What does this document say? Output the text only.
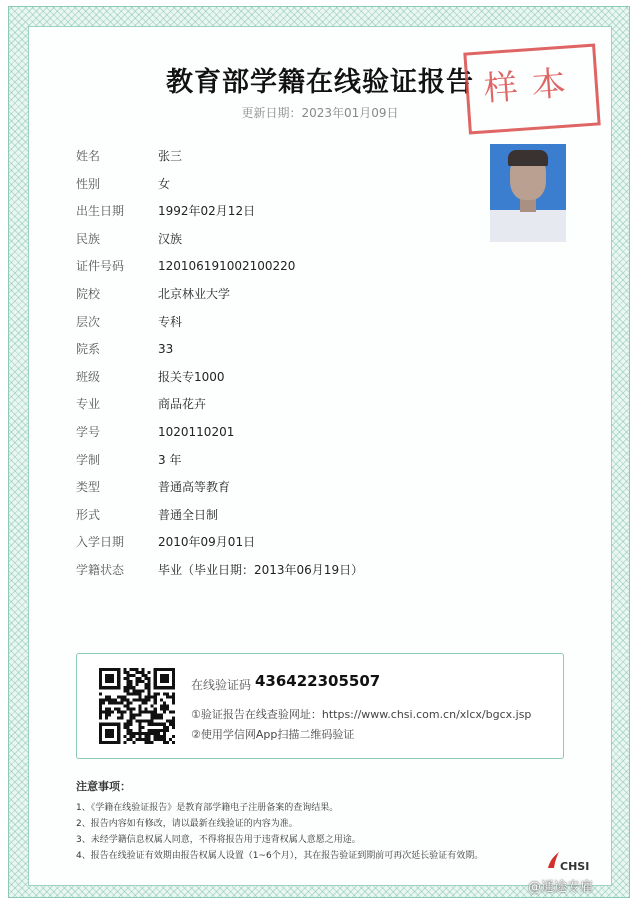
教育部学籍在线验证报告 样本
更新日期：2023年01月09日
姓名	张三
性别	女
出生日期	1992年02月12日
民族	汉族
证件号码	120106191002100220
院校	北京林业大学
层次	专科
院系	33
班级	报关专1000
专业	商品花卉
学号	1020110201
学制	3 年
类型	普通高等教育
形式	普通全日制
入学日期	2010年09月01日
学籍状态	毕业（毕业日期：2013年06月19日）
在线验证码 436422305507
①验证报告在线查验网址：https://www.chsi.com.cn/xlcx/bgcx.jsp
②使用学信网App扫描二维码验证
注意事项：
1、《学籍在线验证报告》是教育部学籍电子注册备案的查询结果。
2、报告内容如有修改，请以最新在线验证的内容为准。
3、未经学籍信息权属人同意，不得将报告用于违背权属人意愿之用途。
4、报告在线验证有效期由报告权属人设置（1~6个月），其在报告验证到期前可再次延长验证有效期。
CHSI
@通途专雇
